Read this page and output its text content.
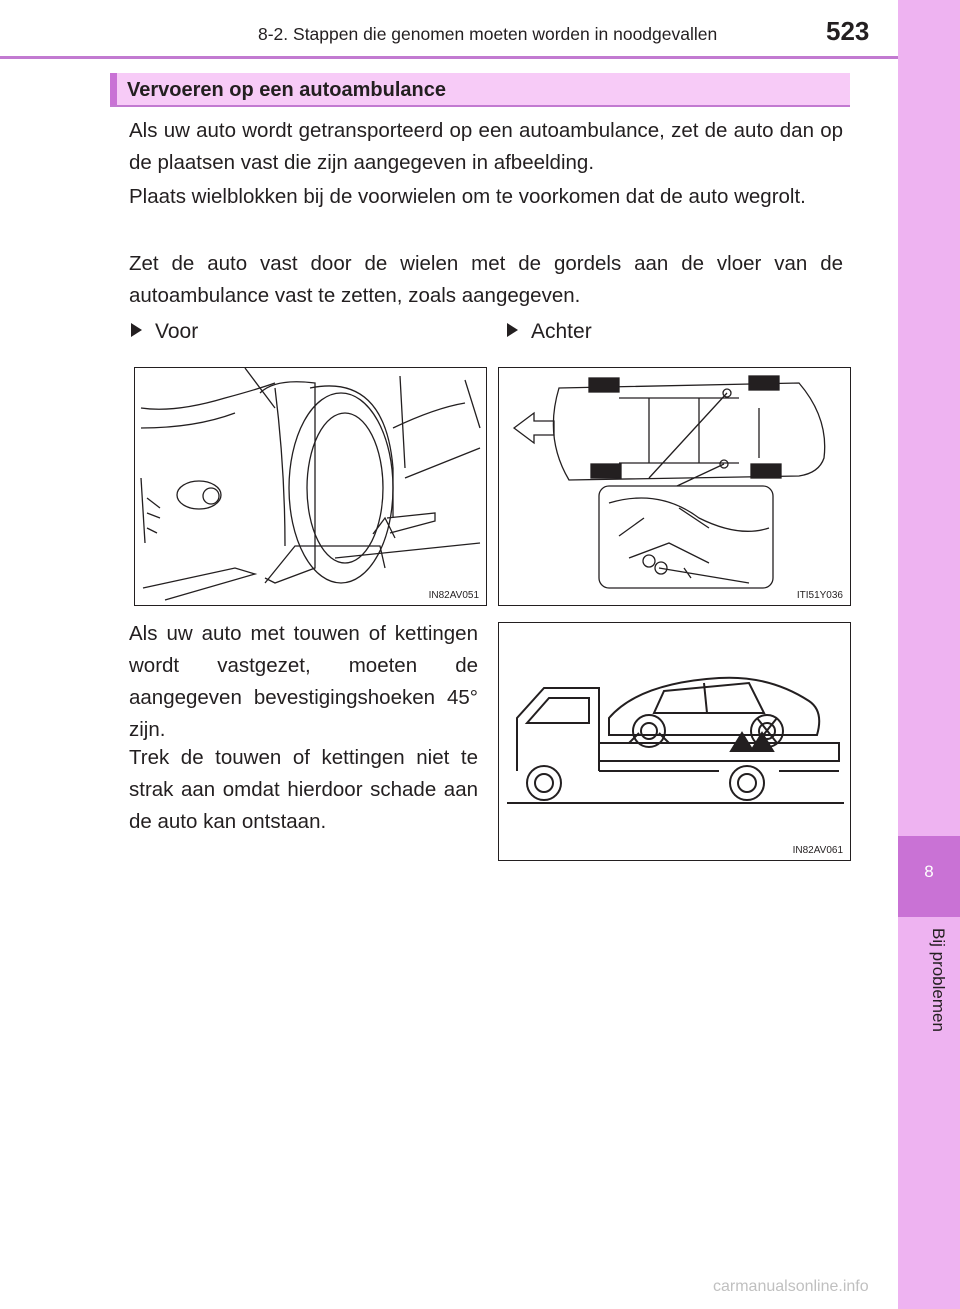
8-2. Stappen die genomen moeten worden in noodgevallen	523
8
Bij problemen
Vervoeren op een autoambulance

Als uw auto wordt getransporteerd op een autoambulance, zet de auto dan op de plaatsen vast die zijn aangegeven in afbeelding.

Plaats wielblokken bij de voorwielen om te voorkomen dat de auto wegrolt.

Zet de auto vast door de wielen met de gordels aan de vloer van de autoambulance vast te zetten, zoals aangegeven.

Voor	Achter
IN82AV051	ITI51Y036

Als uw auto met touwen of kettingen wordt vastgezet, moeten de aangegeven bevestigingshoeken 45° zijn.

Trek de touwen of kettingen niet te strak aan omdat hierdoor schade aan de auto kan ontstaan.

IN82AV061
carmanualsonline.info
